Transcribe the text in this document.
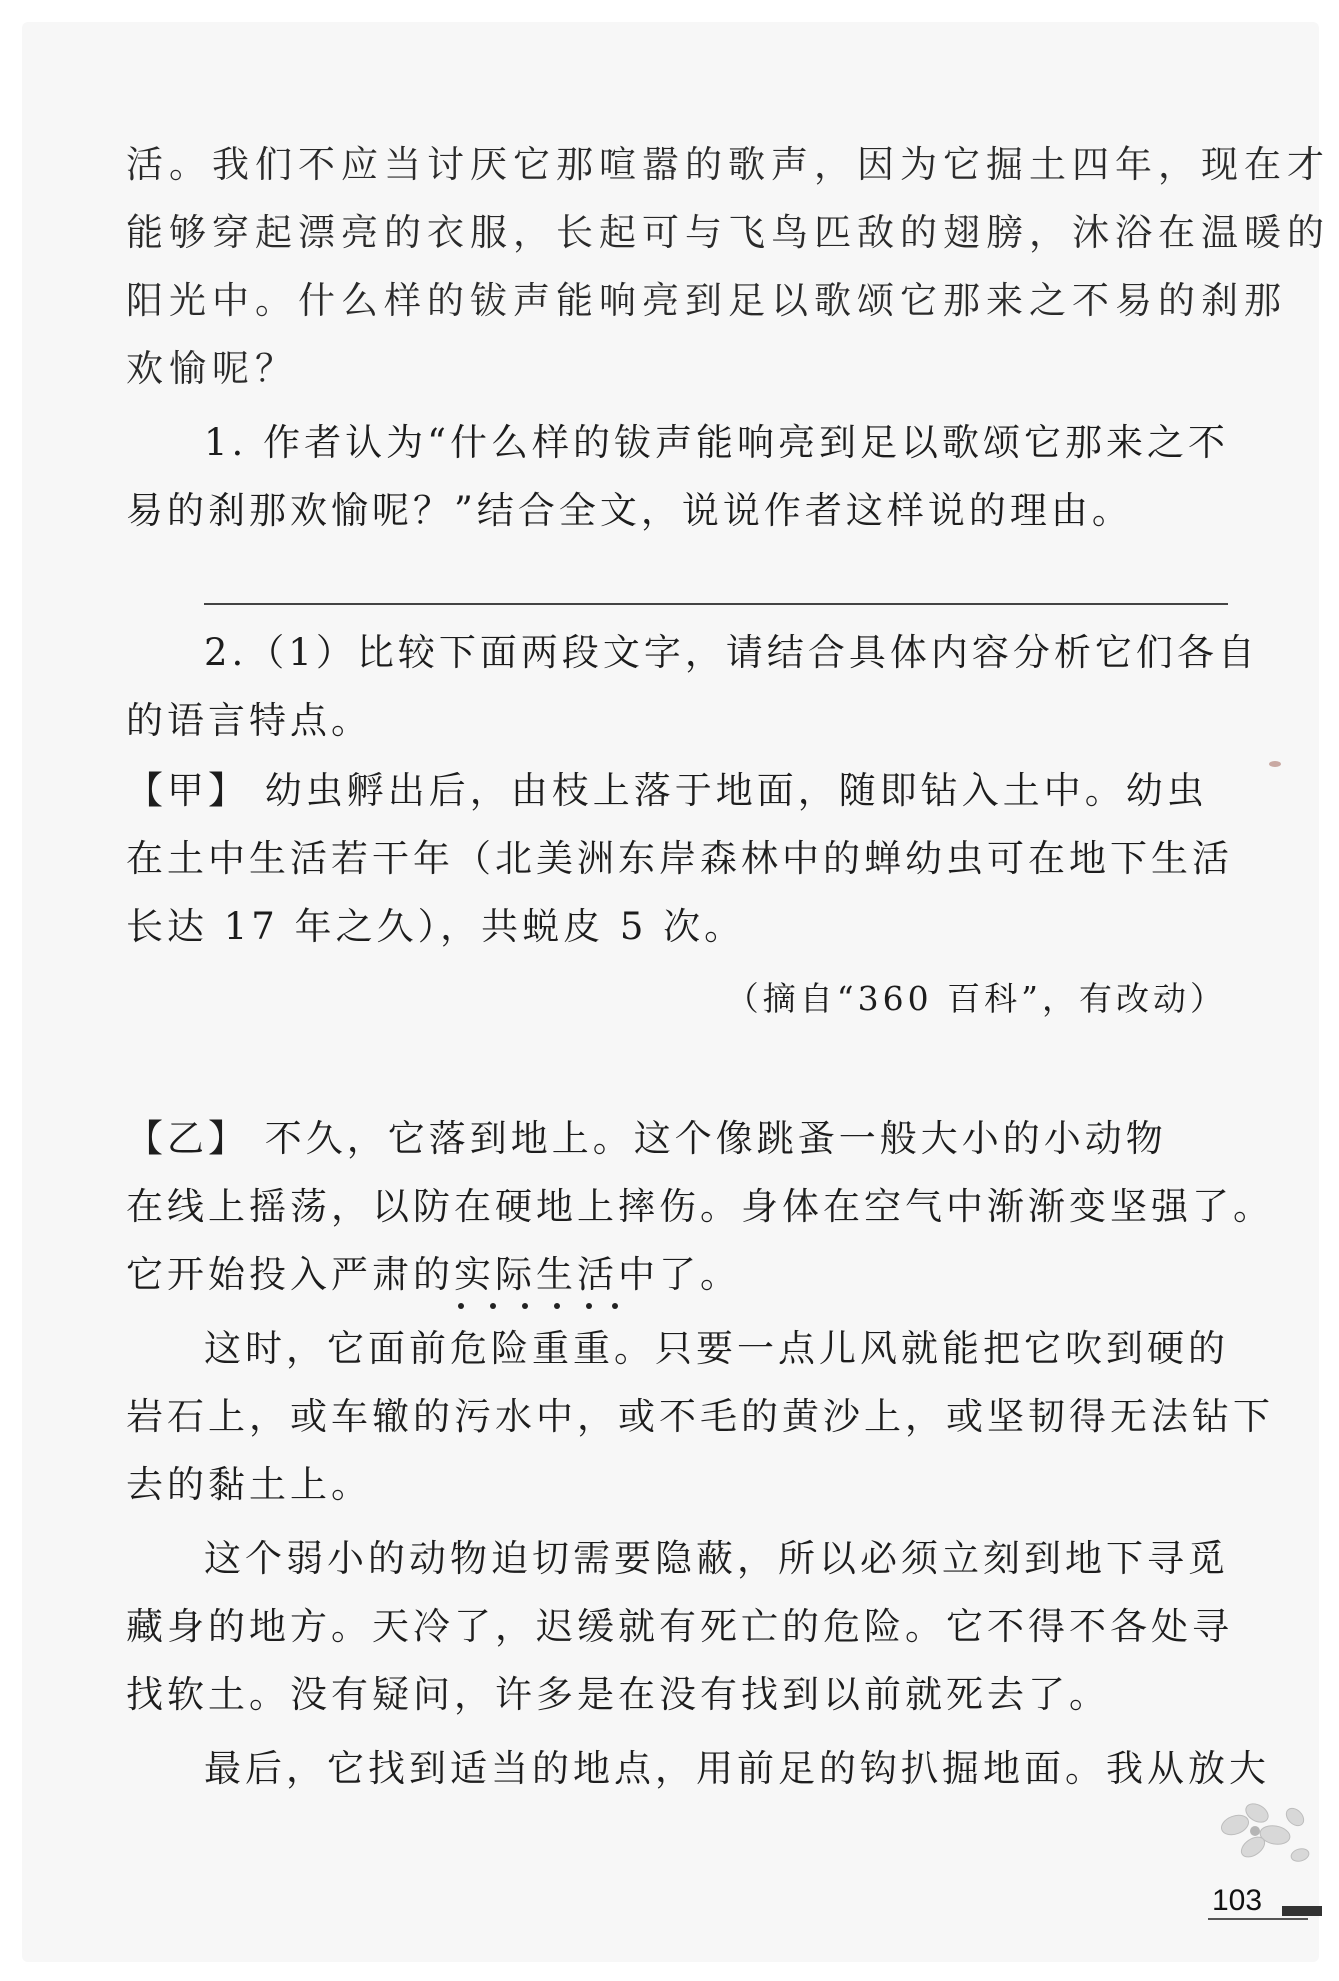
活。我们不应当讨厌它那喧嚣的歌声，因为它掘土四年，现在才
能够穿起漂亮的衣服，长起可与飞鸟匹敌的翅膀，沐浴在温暖的
阳光中。什么样的钹声能响亮到足以歌颂它那来之不易的刹那
欢愉呢？
1. 作者认为“什么样的钹声能响亮到足以歌颂它那来之不
易的刹那欢愉呢？”结合全文，说说作者这样说的理由。
2.（1）比较下面两段文字，请结合具体内容分析它们各自
的语言特点。
【甲】 幼虫孵出后，由枝上落于地面，随即钻入土中。幼虫
在土中生活若干年（北美洲东岸森林中的蝉幼虫可在地下生活
长达 17 年之久），共蜕皮 5 次。
（摘自“360 百科”，有改动）
【乙】 不久，它落到地上。这个像跳蚤一般大小的小动物
在线上摇荡，以防在硬地上摔伤。身体在空气中渐渐变坚强了。
它开始投入严肃的实际生活中了。
这时，它面前危险重重。只要一点儿风就能把它吹到硬的
岩石上，或车辙的污水中，或不毛的黄沙上，或坚韧得无法钻下
去的黏土上。
这个弱小的动物迫切需要隐蔽，所以必须立刻到地下寻觅
藏身的地方。天冷了，迟缓就有死亡的危险。它不得不各处寻
找软土。没有疑问，许多是在没有找到以前就死去了。
最后，它找到适当的地点，用前足的钩扒掘地面。我从放大
103
